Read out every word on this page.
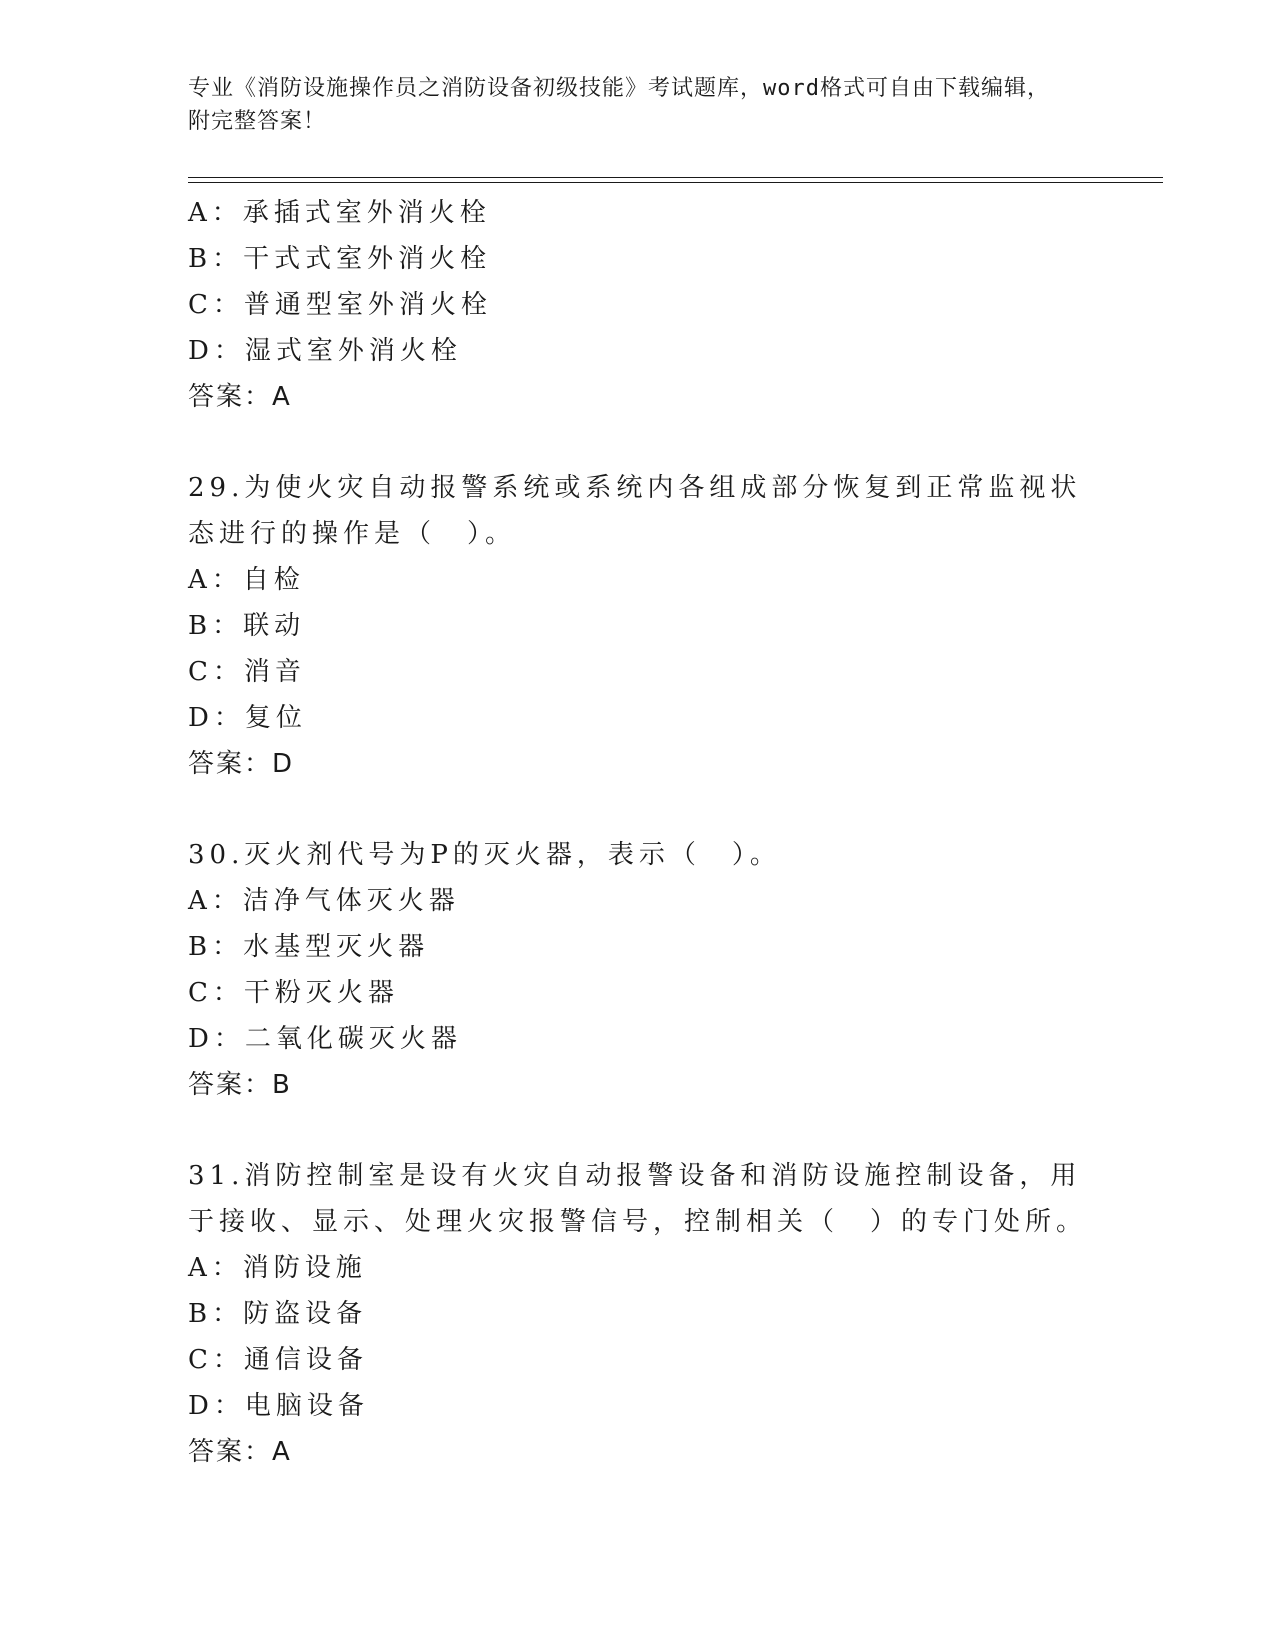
专业《消防设施操作员之消防设备初级技能》考试题库，word格式可自由下载编辑，附完整答案！
A：承插式室外消火栓
B：干式式室外消火栓
C：普通型室外消火栓
D：湿式室外消火栓
答案：A
29.为使火灾自动报警系统或系统内各组成部分恢复到正常监视状态进行的操作是（　）。
A：自检
B：联动
C：消音
D：复位
答案：D
30.灭火剂代号为P的灭火器，表示（　）。
A：洁净气体灭火器
B：水基型灭火器
C：干粉灭火器
D：二氧化碳灭火器
答案：B
31.消防控制室是设有火灾自动报警设备和消防设施控制设备，用于接收、显示、处理火灾报警信号，控制相关（　）的专门处所。
A：消防设施
B：防盗设备
C：通信设备
D：电脑设备
答案：A
